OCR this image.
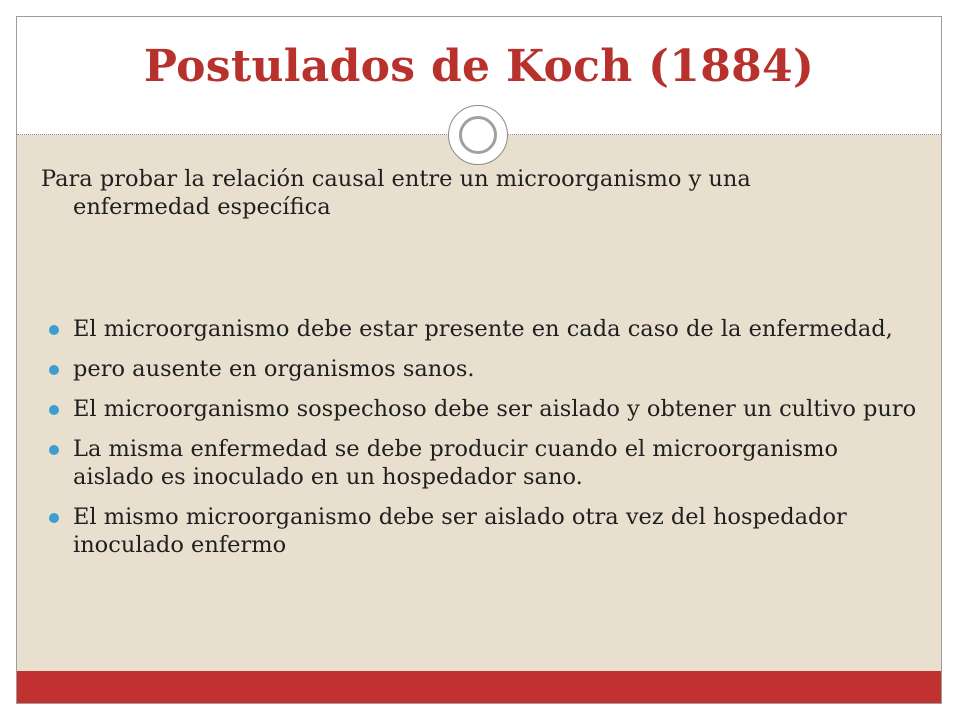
Postulados de Koch (1884)

Para probar la relación causal entre un microorganismo y una
enfermedad específica

El microorganismo debe estar presente en cada caso de la enfermedad,
pero ausente en organismos sanos.
El microorganismo sospechoso debe ser aislado y obtener un cultivo puro
La misma enfermedad se debe producir cuando el microorganismo aislado es inoculado en un hospedador sano.
El mismo microorganismo debe ser aislado otra vez del hospedador inoculado enfermo
